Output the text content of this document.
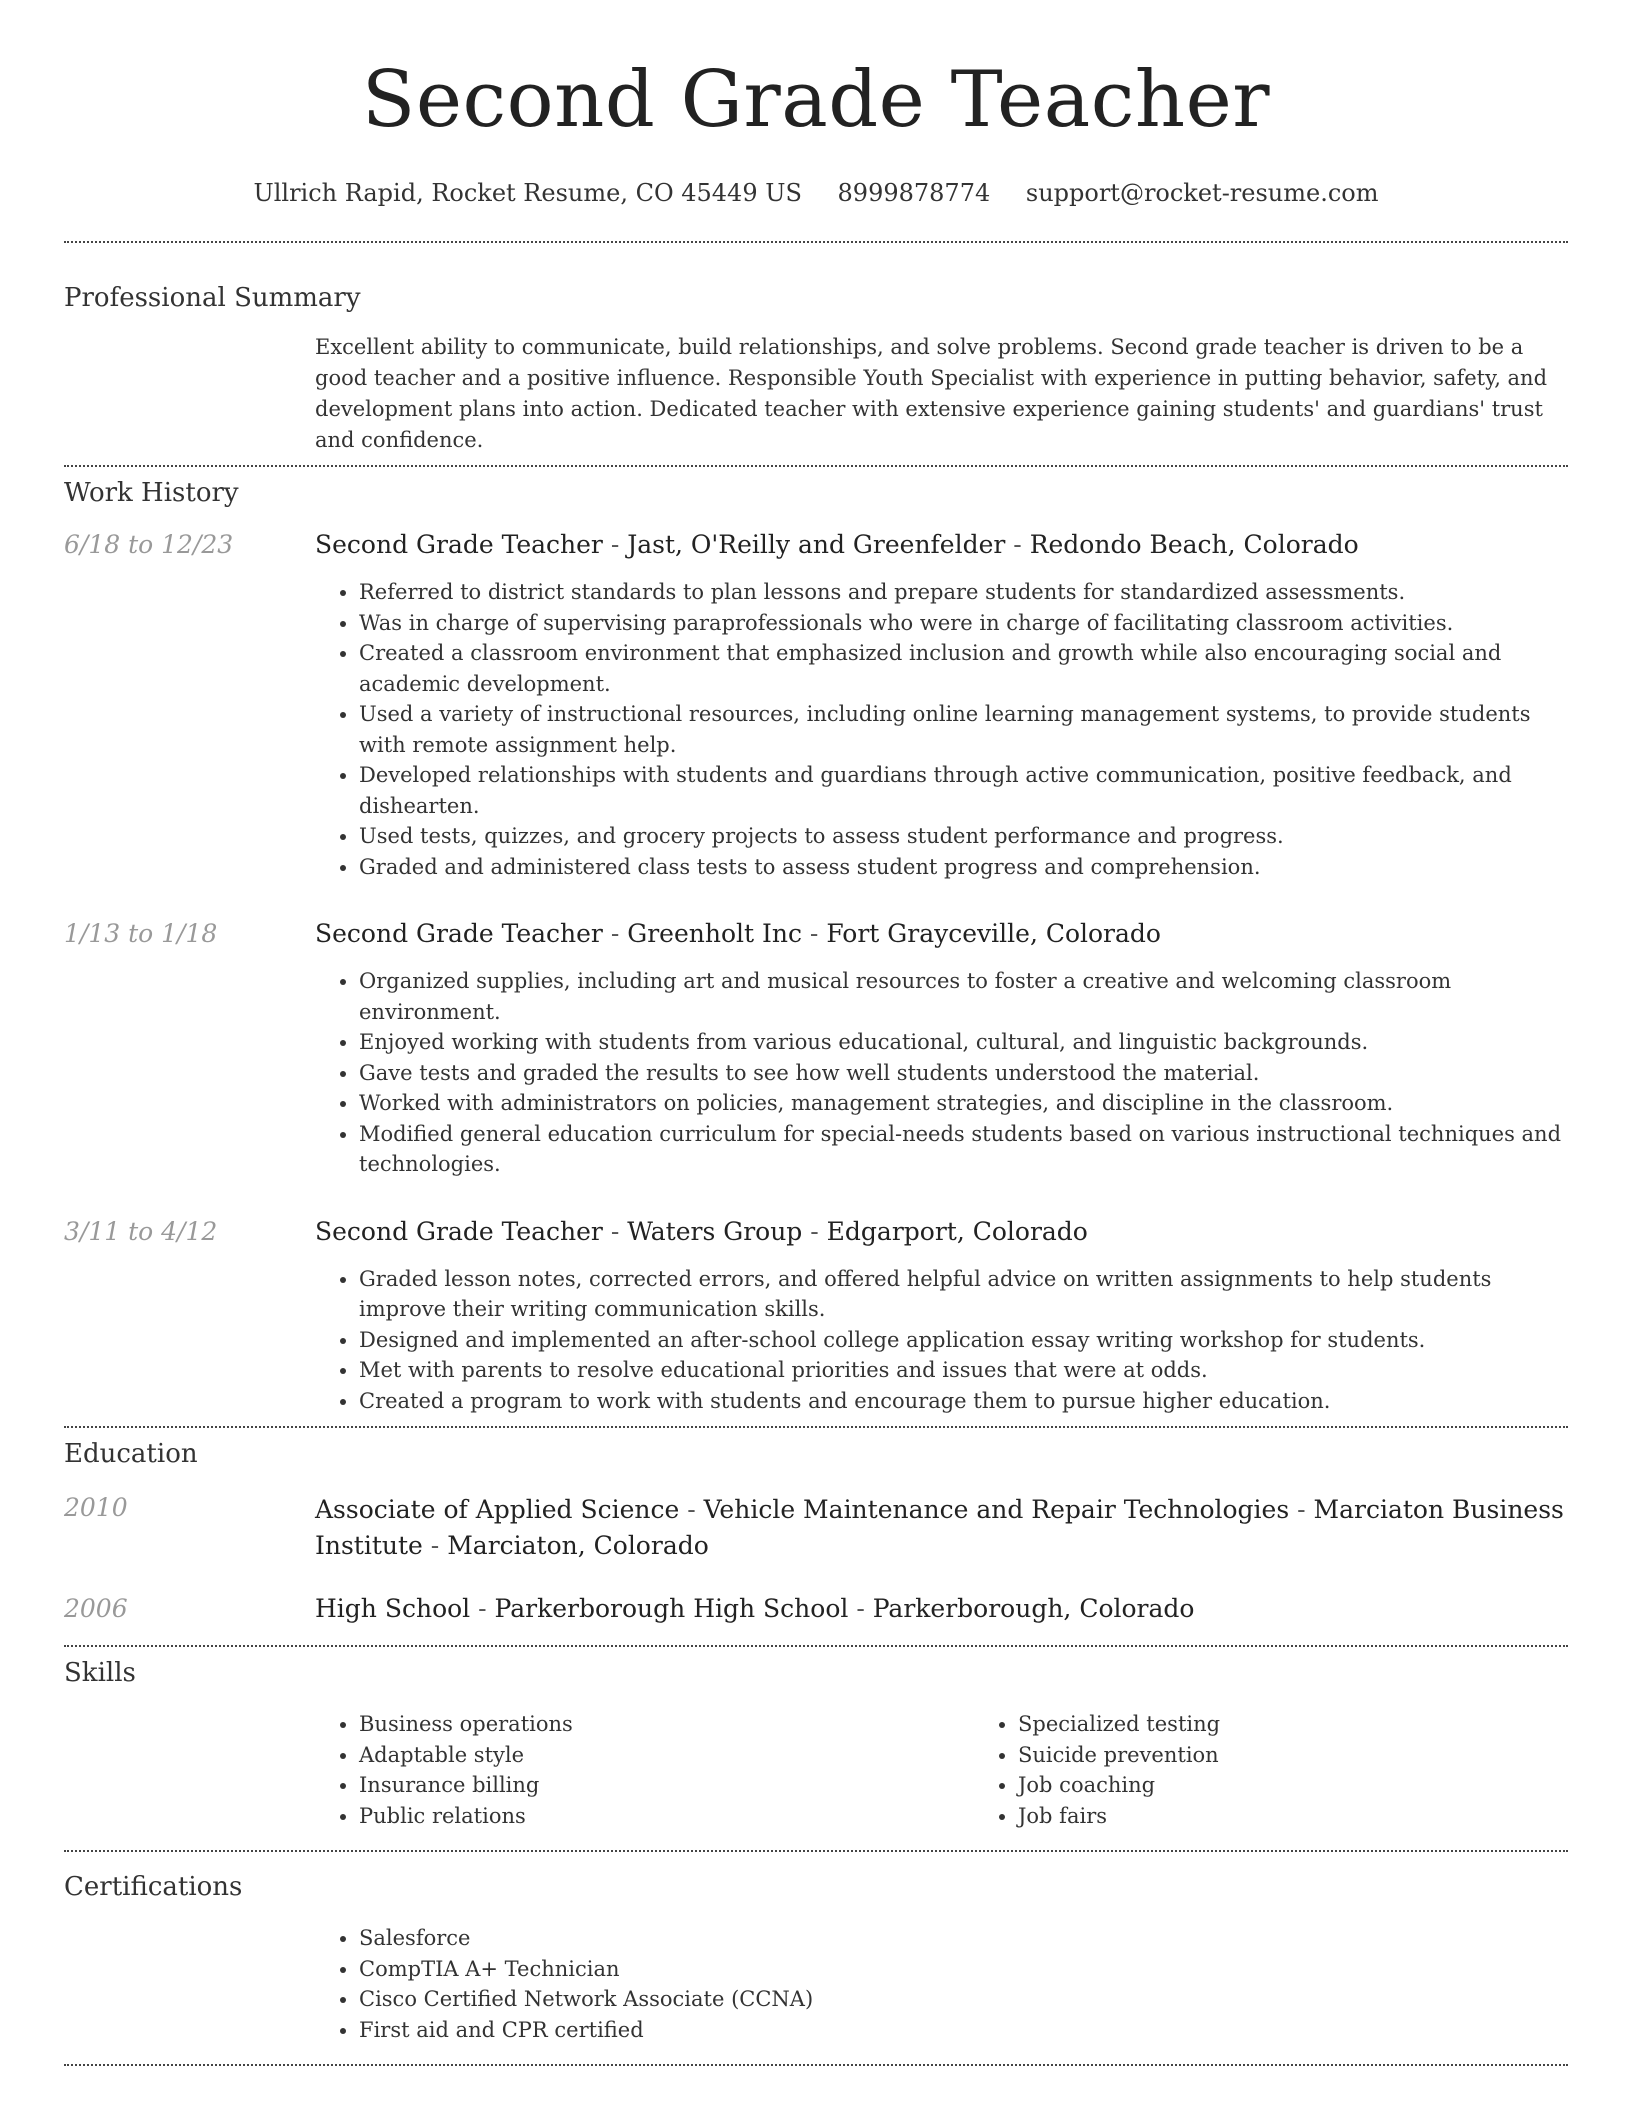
Second Grade Teacher
Ullrich Rapid, Rocket Resume, CO 45449 US 8999878774 support@rocket-resume.com
Professional Summary
Excellent ability to communicate, build relationships, and solve problems. Second grade teacher is driven to be a good teacher and a positive influence. Responsible Youth Specialist with experience in putting behavior, safety, and development plans into action. Dedicated teacher with extensive experience gaining students' and guardians' trust and confidence.
Work History
6/18 to 12/23	Second Grade Teacher - Jast, O'Reilly and Greenfelder - Redondo Beach, Colorado
• Referred to district standards to plan lessons and prepare students for standardized assessments.
• Was in charge of supervising paraprofessionals who were in charge of facilitating classroom activities.
• Created a classroom environment that emphasized inclusion and growth while also encouraging social and academic development.
• Used a variety of instructional resources, including online learning management systems, to provide students with remote assignment help.
• Developed relationships with students and guardians through active communication, positive feedback, and dishearten.
• Used tests, quizzes, and grocery projects to assess student performance and progress.
• Graded and administered class tests to assess student progress and comprehension.
1/13 to 1/18	Second Grade Teacher - Greenholt Inc - Fort Grayceville, Colorado
• Organized supplies, including art and musical resources to foster a creative and welcoming classroom environment.
• Enjoyed working with students from various educational, cultural, and linguistic backgrounds.
• Gave tests and graded the results to see how well students understood the material.
• Worked with administrators on policies, management strategies, and discipline in the classroom.
• Modified general education curriculum for special-needs students based on various instructional techniques and technologies.
3/11 to 4/12	Second Grade Teacher - Waters Group - Edgarport, Colorado
• Graded lesson notes, corrected errors, and offered helpful advice on written assignments to help students improve their writing communication skills.
• Designed and implemented an after-school college application essay writing workshop for students.
• Met with parents to resolve educational priorities and issues that were at odds.
• Created a program to work with students and encourage them to pursue higher education.
Education
2010	Associate of Applied Science - Vehicle Maintenance and Repair Technologies - Marciaton Business Institute - Marciaton, Colorado
2006	High School - Parkerborough High School - Parkerborough, Colorado
Skills
• Business operations
• Adaptable style
• Insurance billing
• Public relations
• Specialized testing
• Suicide prevention
• Job coaching
• Job fairs
Certifications
• Salesforce
• CompTIA A+ Technician
• Cisco Certified Network Associate (CCNA)
• First aid and CPR certified
